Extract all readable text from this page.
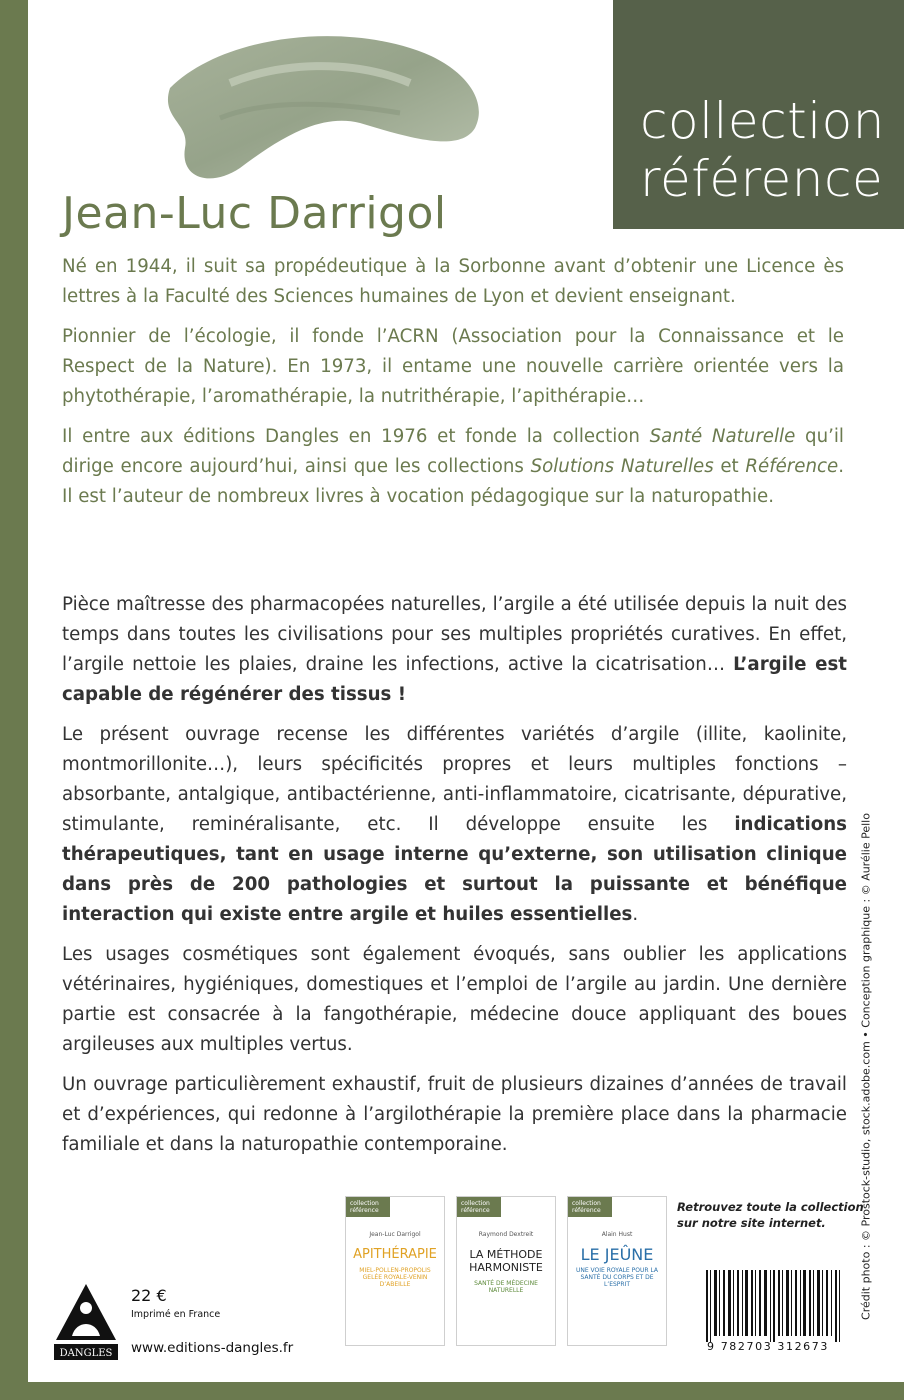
collection
référence
Jean-Luc Darrigol

Né en 1944, il suit sa propédeutique à la Sorbonne avant d’obtenir une Licence ès lettres à la Faculté des Sciences humaines de Lyon et devient enseignant.

Pionnier de l’écologie, il fonde l’ACRN (Association pour la Connaissance et le Respect de la Nature). En 1973, il entame une nouvelle carrière orientée vers la phytothérapie, l’aromathérapie, la nutrithérapie, l’apithérapie…

Il entre aux éditions Dangles en 1976 et fonde la collection Santé Naturelle qu’il dirige encore aujourd’hui, ainsi que les collections Solutions Naturelles et Référence. Il est l’auteur de nombreux livres à vocation pédagogique sur la naturopathie.

Pièce maîtresse des pharmacopées naturelles, l’argile a été utilisée depuis la nuit des temps dans toutes les civilisations pour ses multiples propriétés curatives. En effet, l’argile nettoie les plaies, draine les infections, active la cicatrisation… L’argile est capable de régénérer des tissus !

Le présent ouvrage recense les différentes variétés d’argile (illite, kaolinite, montmorillonite…), leurs spécificités propres et leurs multiples fonctions – absorbante, antalgique, antibactérienne, anti-inflammatoire, cicatrisante, dépurative, stimulante, reminéralisante, etc. Il développe ensuite les indications thérapeutiques, tant en usage interne qu’externe, son utilisation clinique dans près de 200 pathologies et surtout la puissante et bénéfique interaction qui existe entre argile et huiles essentielles.

Les usages cosmétiques sont également évoqués, sans oublier les applications vétérinaires, hygiéniques, domestiques et l’emploi de l’argile au jardin. Une dernière partie est consacrée à la fangothérapie, médecine douce appliquant des boues argileuses aux multiples vertus.

Un ouvrage particulièrement exhaustif, fruit de plusieurs dizaines d’années de travail et d’expériences, qui redonne à l’argilothérapie la première place dans la pharmacie familiale et dans la naturopathie contemporaine.	Crédit photo : © Prostock-studio, stock.adobe.com • Conception graphique : © Aurélie Pello
collection référence
Jean-Luc Darrigol
APITHÉRAPIE
MIEL-POLLEN-PROPOLIS GELÉE ROYALE-VENIN D’ABEILLE
collection référence
Raymond Dextreit
LA MÉTHODE HARMONISTE
SANTÉ DE MÉDECINE NATURELLE
collection référence
Alain Hust
LE JEÛNE
UNE VOIE ROYALE POUR LA SANTÉ DU CORPS ET DE L’ESPRIT
Retrouvez toute la collection
sur notre site internet.
9 782703 312673
DANGLES
22 €
Imprimé en France
www.editions-dangles.fr
